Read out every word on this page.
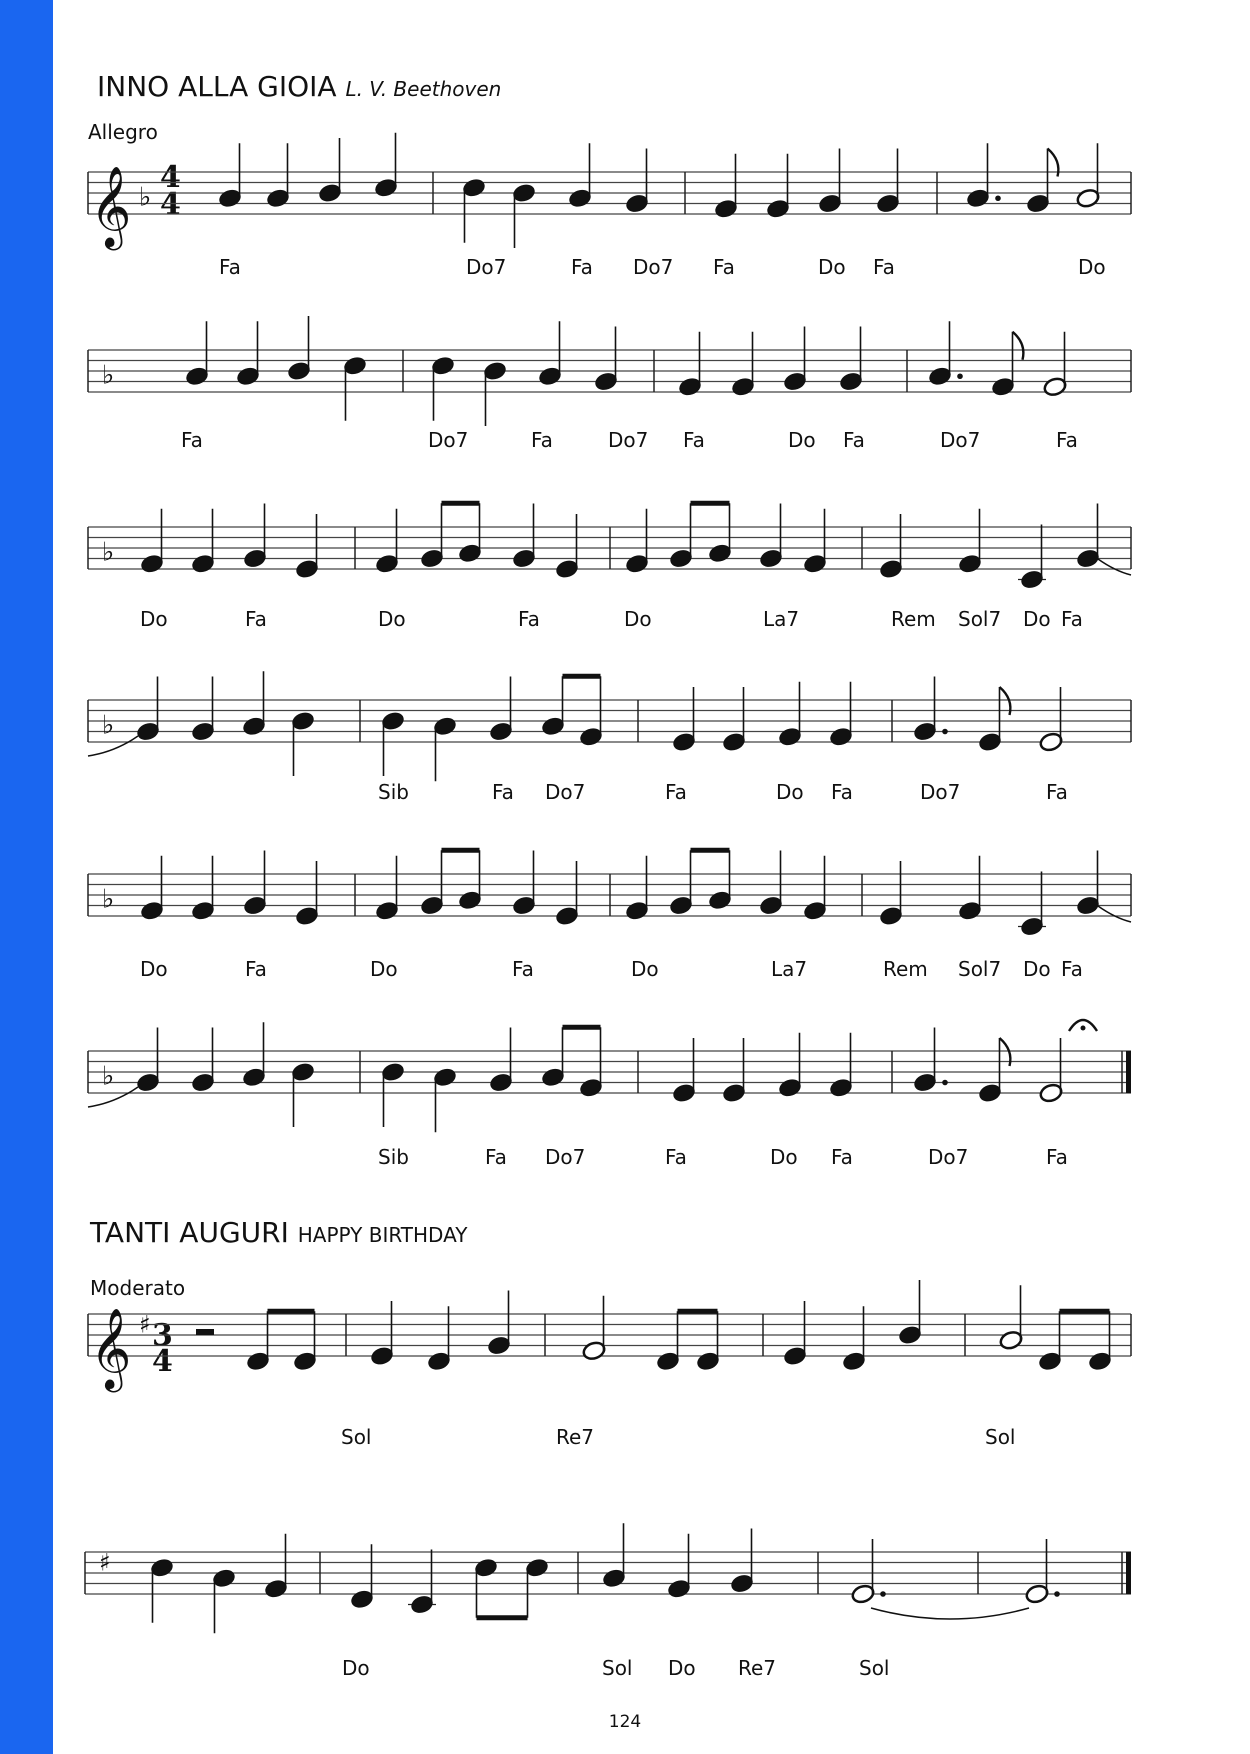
INNO ALLA GIOIA L. V. Beethoven
Allegro
TANTI AUGURI HAPPY BIRTHDAY
Moderato
4
4
3
4
𝄞 ♭
♭
♭
♭
♭
♭
𝄞 ♯
♯
Fa	Do7	Fa Do7 Fa	Do Fa	Do
Fa	Do7	Fa	Do7 Fa	Do Fa	Do7	Fa
Do	Fa	Do	Fa	Do	La7	Rem Sol7 Do Fa
Sib	Fa Do7	Fa	Do Fa	Do7	Fa
Do	Fa	Do	Fa	Do	La7	Rem Sol7 Do Fa
Sib	Fa Do7	Fa	Do Fa	Do7	Fa
Sol	Re7	Sol
Do	Sol Do Re7	Sol
124
